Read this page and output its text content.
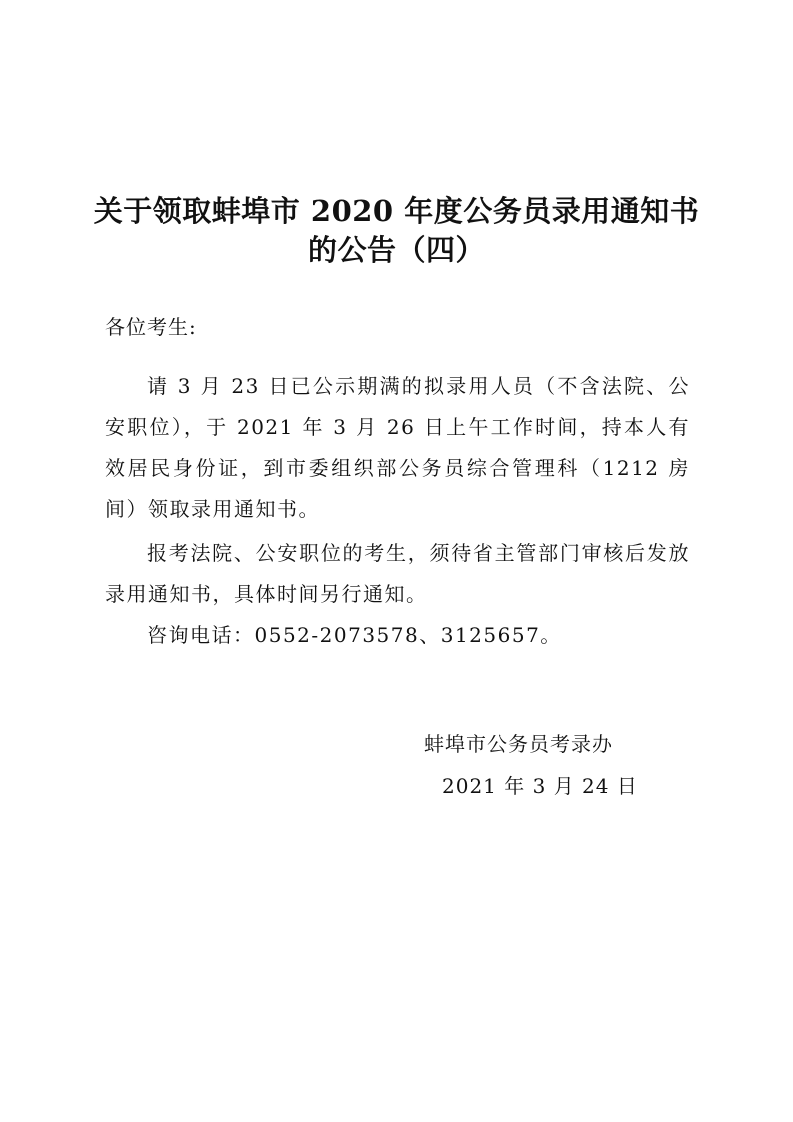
关于领取蚌埠市 2020 年度公务员录用通知书
的公告（四）
各位考生:

请 3 月 23 日已公示期满的拟录用人员（不含法院、公安职位），于 2021 年 3 月 26 日上午工作时间，持本人有效居民身份证，到市委组织部公务员综合管理科（1212 房间）领取录用通知书。

报考法院、公安职位的考生，须待省主管部门审核后发放录用通知书，具体时间另行通知。

咨询电话：0552-2073578、3125657。

蚌埠市公务员考录办
2021 年 3 月 24 日
